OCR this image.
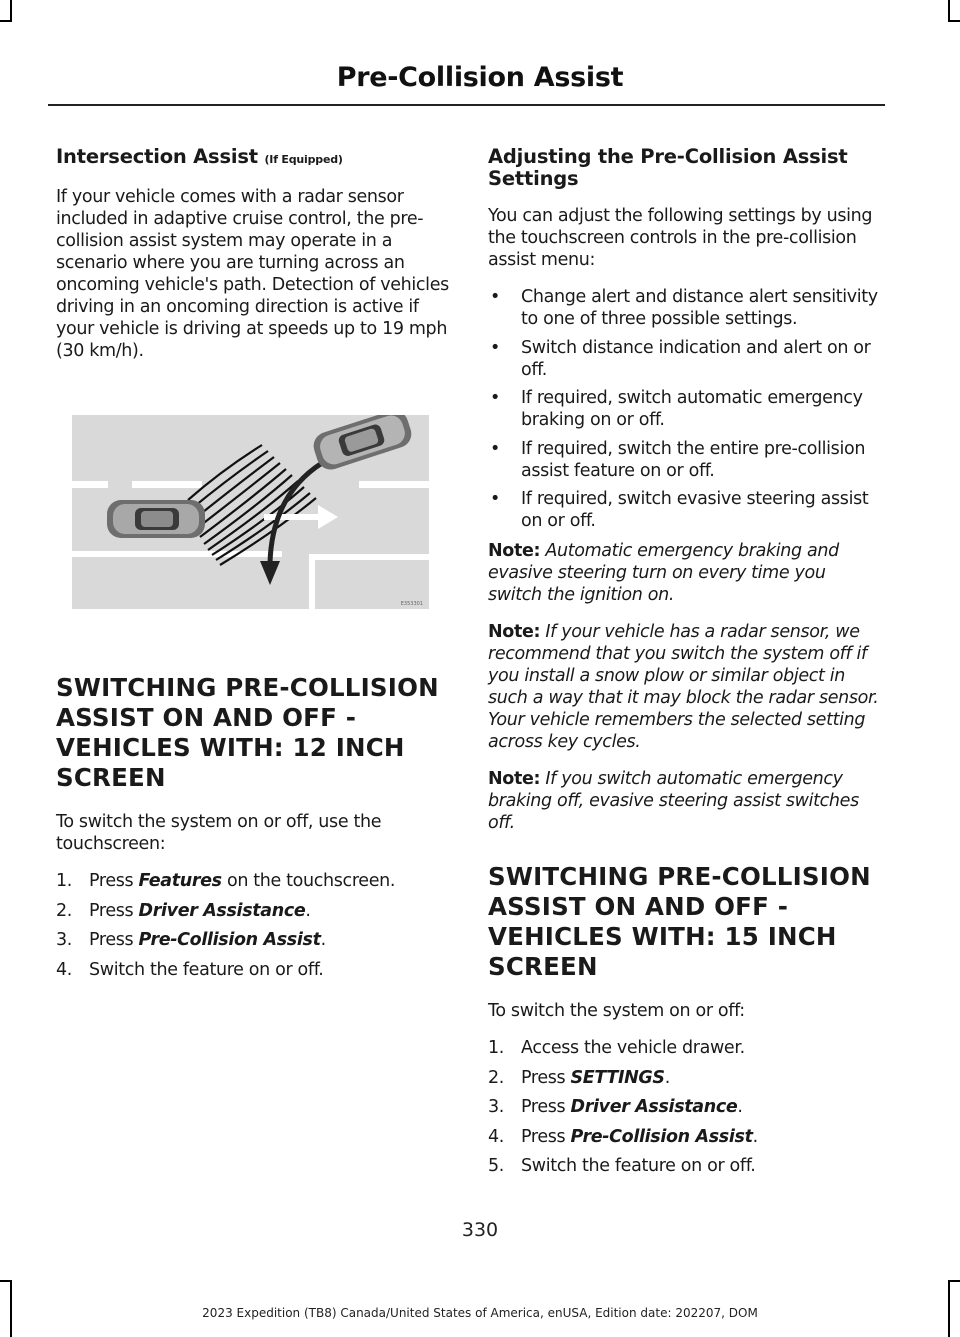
Pre-Collision Assist
Intersection Assist (If Equipped)

If your vehicle comes with a radar sensor included in adaptive cruise control, the pre-collision assist system may operate in a scenario where you are turning across an oncoming vehicle's path. Detection of vehicles driving in an oncoming direction is active if your vehicle is driving at speeds up to 19 mph (30 km/h).

E353301
SWITCHING PRE-COLLISION
ASSIST ON AND OFF -
VEHICLES WITH: 12 INCH
SCREEN

To switch the system on or off, use the touchscreen:

1. Press Features on the touchscreen.
2. Press Driver Assistance.
3. Press Pre-Collision Assist.
4. Switch the feature on or off.
Adjusting the Pre-Collision Assist Settings

You can adjust the following settings by using the touchscreen controls in the pre-collision assist menu:

• Change alert and distance alert sensitivity to one of three possible settings.
• Switch distance indication and alert on or off.
• If required, switch automatic emergency braking on or off.
• If required, switch the entire pre-collision assist feature on or off.
• If required, switch evasive steering assist on or off.

Note: Automatic emergency braking and evasive steering turn on every time you switch the ignition on.

Note: If your vehicle has a radar sensor, we recommend that you switch the system off if you install a snow plow or similar object in such a way that it may block the radar sensor. Your vehicle remembers the selected setting across key cycles.

Note: If you switch automatic emergency braking off, evasive steering assist switches off.

SWITCHING PRE-COLLISION
ASSIST ON AND OFF -
VEHICLES WITH: 15 INCH
SCREEN

To switch the system on or off:

1. Access the vehicle drawer.
2. Press SETTINGS.
3. Press Driver Assistance.
4. Press Pre-Collision Assist.
5. Switch the feature on or off.
330
2023 Expedition (TB8) Canada/United States of America, enUSA, Edition date: 202207, DOM
